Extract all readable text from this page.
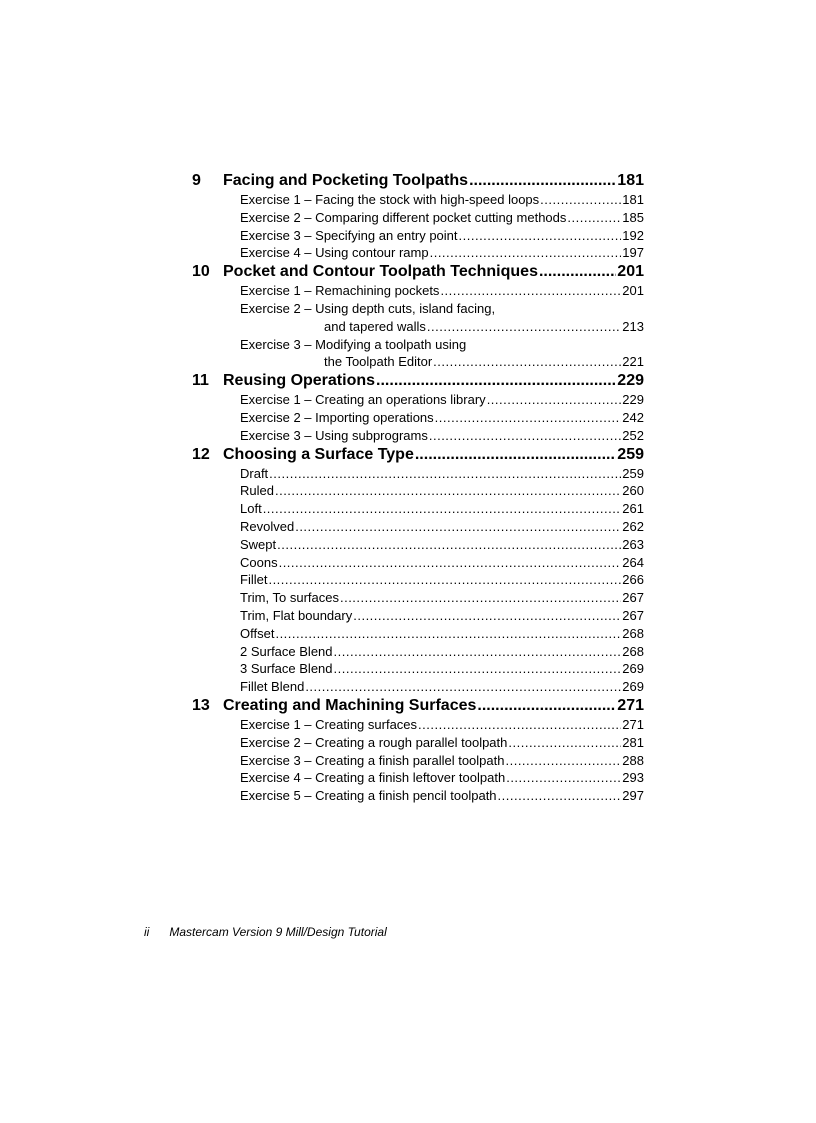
9	Facing and Pocketing Toolpaths .....	181
Exercise 1 – Facing the stock with high-speed loops .....	181
Exercise 2 – Comparing different pocket cutting methods .....	185
Exercise 3 – Specifying an entry point .....	192
Exercise 4 – Using contour ramp .....	197
10 Pocket and Contour Toolpath Techniques .....	201
Exercise 1 – Remachining pockets .....	201
Exercise 2 – Using depth cuts, island facing,
and tapered walls .....	213
Exercise 3 – Modifying a toolpath using
the Toolpath Editor .....	221
11 Reusing Operations .....	229
Exercise 1 – Creating an operations library .....	229
Exercise 2 – Importing operations .....	242
Exercise 3 – Using subprograms .....	252
12 Choosing a Surface Type .....	259
Draft .....	259
Ruled .....	260
Loft .....	261
Revolved .....	262
Swept .....	263
Coons .....	264
Fillet .....	266
Trim, To surfaces .....	267
Trim, Flat boundary .....	267
Offset .....	268
2 Surface Blend .....	268
3 Surface Blend .....	269
Fillet Blend .....	269
13 Creating and Machining Surfaces .....	271
Exercise 1 – Creating surfaces .....	271
Exercise 2 – Creating a rough parallel toolpath .....	281
Exercise 3 – Creating a finish parallel toolpath .....	288
Exercise 4 – Creating a finish leftover toolpath .....	293
Exercise 5 – Creating a finish pencil toolpath .....	297
ii Mastercam Version 9 Mill/Design Tutorial
